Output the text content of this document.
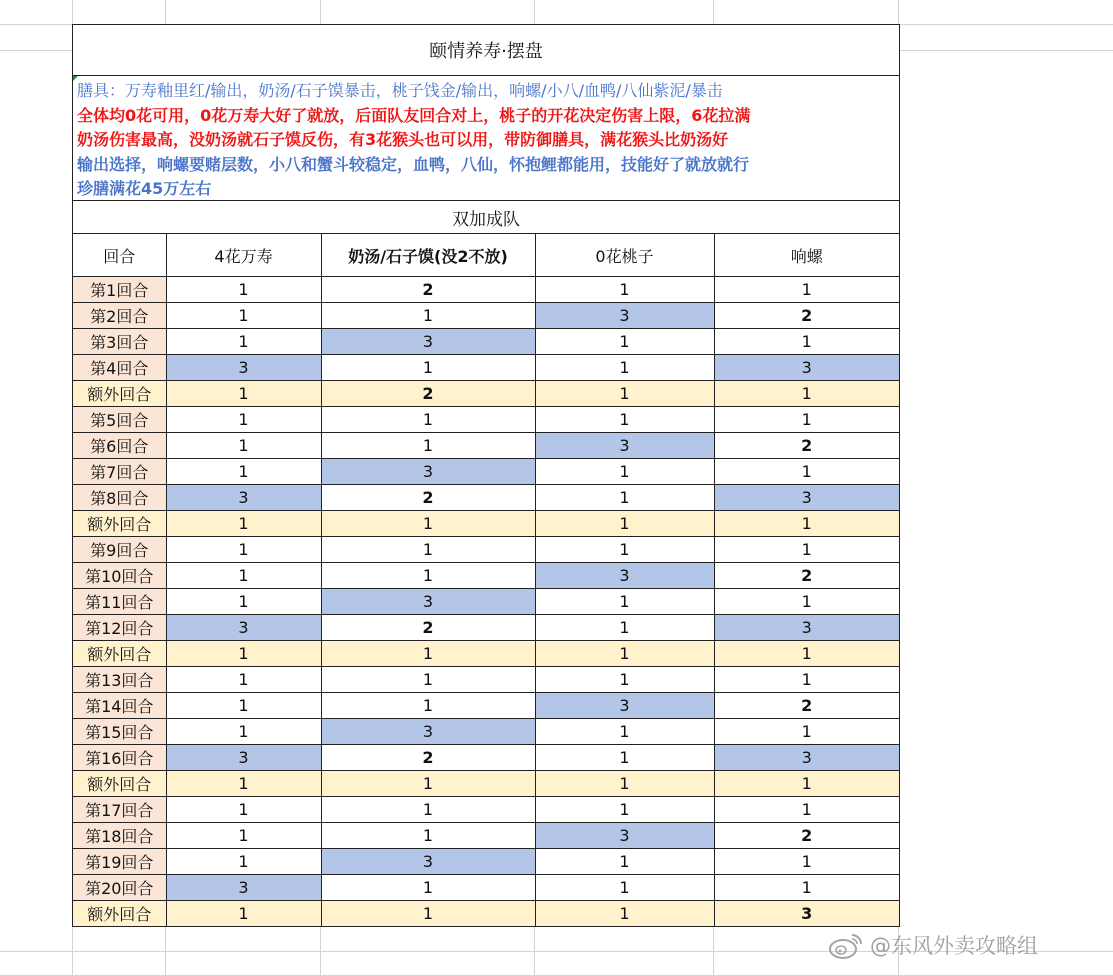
颐情养寿·摆盘
膳具：万寿釉里红/输出，奶汤/石子馍暴击，桃子饯金/输出，响螺/小八/血鸭/八仙紫泥/暴击
全体均0花可用，0花万寿大好了就放，后面队友回合对上，桃子的开花决定伤害上限，6花拉满
奶汤伤害最高，没奶汤就石子馍反伤，有3花猴头也可以用，带防御膳具，满花猴头比奶汤好
输出选择，响螺要赌层数，小八和蟹斗较稳定，血鸭，八仙，怀抱鲤都能用，技能好了就放就行
珍膳满花45万左右
双加成队
回合	4花万寿	奶汤/石子馍(没2不放)	0花桃子	响螺
第1回合	1	2	1	1
第2回合	1	1	3	2
第3回合	1	3	1	1
第4回合	3	1	1	3
额外回合	1	2	1	1
第5回合	1	1	1	1
第6回合	1	1	3	2
第7回合	1	3	1	1
第8回合	3	2	1	3
额外回合	1	1	1	1
第9回合	1	1	1	1
第10回合	1	1	3	2
第11回合	1	3	1	1
第12回合	3	2	1	3
额外回合	1	1	1	1
第13回合	1	1	1	1
第14回合	1	1	3	2
第15回合	1	3	1	1
第16回合	3	2	1	3
额外回合	1	1	1	1
第17回合	1	1	1	1
第18回合	1	1	3	2
第19回合	1	3	1	1
第20回合	3	1	1	1
额外回合	1	1	1	3
@东风外卖攻略组
